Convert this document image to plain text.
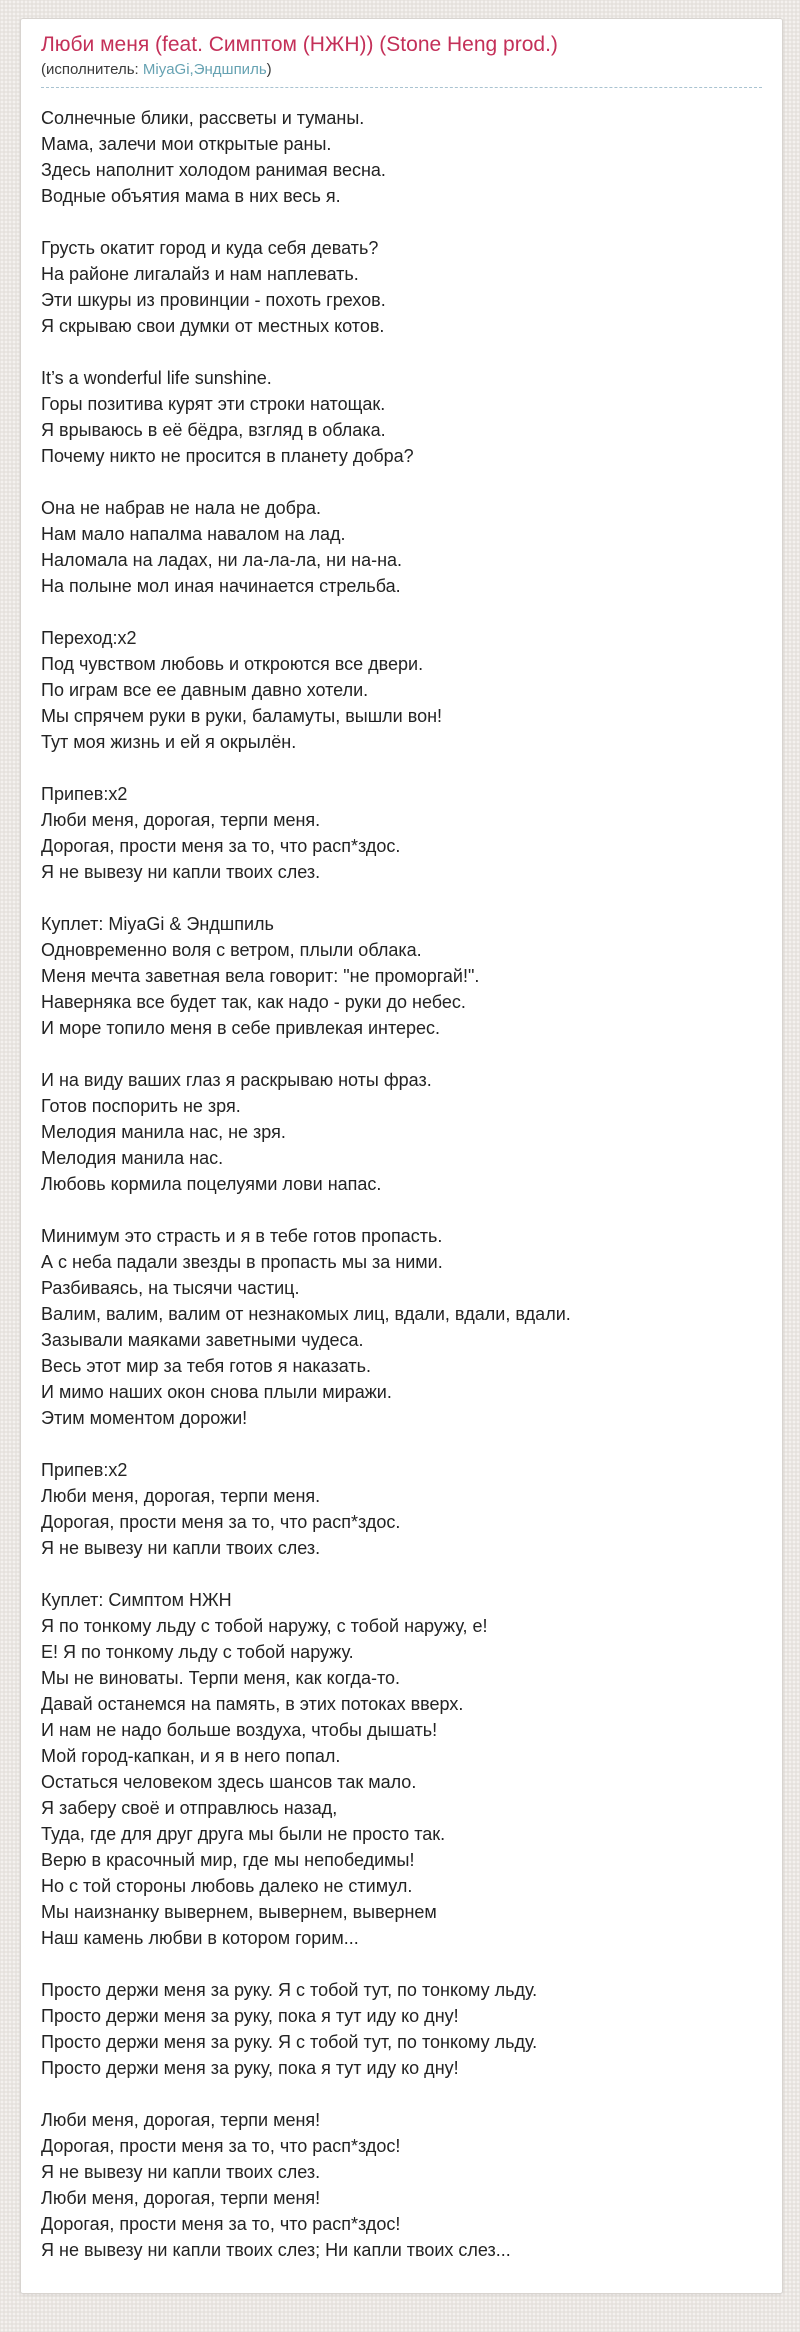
Люби меня (feat. Симптом (НЖН)) (Stone Heng prod.)
(исполнитель: MiyaGi,Эндшпиль)

Солнечные блики, рассветы и туманы.
Мама, залечи мои открытые раны.
Здесь наполнит холодом ранимая весна.
Водные объятия мама в них весь я.

Грусть окатит город и куда себя девать?
На районе лигалайз и нам наплевать.
Эти шкуры из провинции - похоть грехов.
Я скрываю свои думки от местных котов.

It’s a wonderful life sunshine.
Горы позитива курят эти строки натощак.
Я врываюсь в её бёдра, взгляд в облака.
Почему никто не просится в планету добра?

Она не набрав не нала не добра.
Нам мало напалма навалом на лад.
Наломала на ладах, ни ла-ла-ла, ни на-на.
На полыне мол иная начинается стрельба.

Переход:x2
Под чувством любовь и откроются все двери.
По играм все ее давным давно хотели.
Мы спрячем руки в руки, баламуты, вышли вон!
Тут моя жизнь и ей я окрылён.

Припев:x2
Люби меня, дорогая, терпи меня.
Дорогая, прости меня за то, что расп*здос.
Я не вывезу ни капли твоих слез.

Куплет: MiyaGi & Эндшпиль
Одновременно воля с ветром, плыли облака.
Меня мечта заветная вела говорит: "не проморгай!".
Наверняка все будет так, как надо - руки до небес.
И море топило меня в себе привлекая интерес.

И на виду ваших глаз я раскрываю ноты фраз.
Готов поспорить не зря.
Мелодия манила нас, не зря.
Мелодия манила нас.
Любовь кормила поцелуями лови напас.

Минимум это страсть и я в тебе готов пропасть.
А с неба падали звезды в пропасть мы за ними.
Разбиваясь, на тысячи частиц.
Валим, валим, валим от незнакомых лиц, вдали, вдали, вдали.
Зазывали маяками заветными чудеса.
Весь этот мир за тебя готов я наказать.
И мимо наших окон снова плыли миражи.
Этим моментом дорожи!

Припев:x2
Люби меня, дорогая, терпи меня.
Дорогая, прости меня за то, что расп*здос.
Я не вывезу ни капли твоих слез.

Куплет: Симптом НЖН
Я по тонкому льду с тобой наружу, с тобой наружу, е!
Е! Я по тонкому льду с тобой наружу.
Мы не виноваты. Терпи меня, как когда-то.
Давай останемся на память, в этих потоках вверх.
И нам не надо больше воздуха, чтобы дышать!
Мой город-капкан, и я в него попал.
Остаться человеком здесь шансов так мало.
Я заберу своё и отправлюсь назад,
Туда, где для друг друга мы были не просто так.
Верю в красочный мир, где мы непобедимы!
Но с той стороны любовь далеко не стимул.
Мы наизнанку вывернем, вывернем, вывернем
Наш камень любви в котором горим...

Просто держи меня за руку. Я с тобой тут, по тонкому льду.
Просто держи меня за руку, пока я тут иду ко дну!
Просто держи меня за руку. Я с тобой тут, по тонкому льду.
Просто держи меня за руку, пока я тут иду ко дну!

Люби меня, дорогая, терпи меня!
Дорогая, прости меня за то, что расп*здос!
Я не вывезу ни капли твоих слез.
Люби меня, дорогая, терпи меня!
Дорогая, прости меня за то, что расп*здос!
Я не вывезу ни капли твоих слез; Ни капли твоих слез...
